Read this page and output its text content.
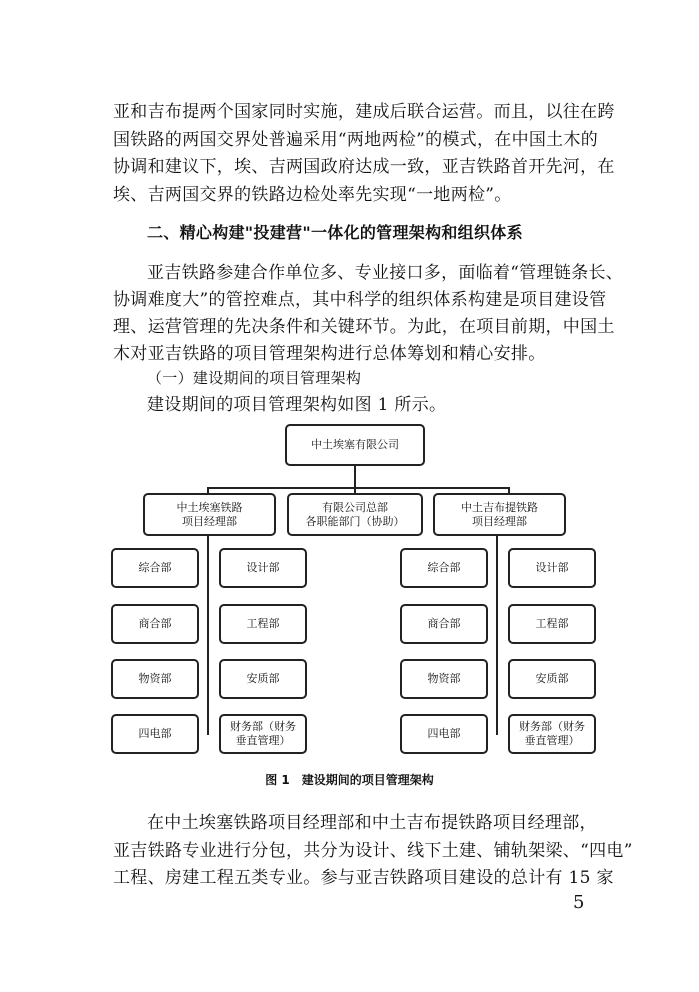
亚和吉布提两个国家同时实施，建成后联合运营。而且，以往在跨
国铁路的两国交界处普遍采用“两地两检”的模式，在中国土木的
协调和建议下，埃、吉两国政府达成一致，亚吉铁路首开先河，在
埃、吉两国交界的铁路边检处率先实现“一地两检”。
二、精心构建"投建营"一体化的管理架构和组织体系
亚吉铁路参建合作单位多、专业接口多，面临着“管理链条长、
协调难度大”的管控难点，其中科学的组织体系构建是项目建设管
理、运营管理的先决条件和关键环节。为此，在项目前期，中国土
木对亚吉铁路的项目管理架构进行总体筹划和精心安排。
（一）建设期间的项目管理架构
建设期间的项目管理架构如图 1 所示。
中土埃塞有限公司
中土埃塞铁路
项目经理部
有限公司总部
各职能部门（协助）
中土吉布提铁路
项目经理部
综合部
商合部
物资部
四电部
设计部
工程部
安质部
财务部（财务
垂直管理）
综合部
商合部
物资部
四电部
设计部
工程部
安质部
财务部（财务
垂直管理）
图 1　建设期间的项目管理架构
在中土埃塞铁路项目经理部和中土吉布提铁路项目经理部，
亚吉铁路专业进行分包，共分为设计、线下土建、铺轨架梁、“四电”
工程、房建工程五类专业。参与亚吉铁路项目建设的总计有 15 家
5
